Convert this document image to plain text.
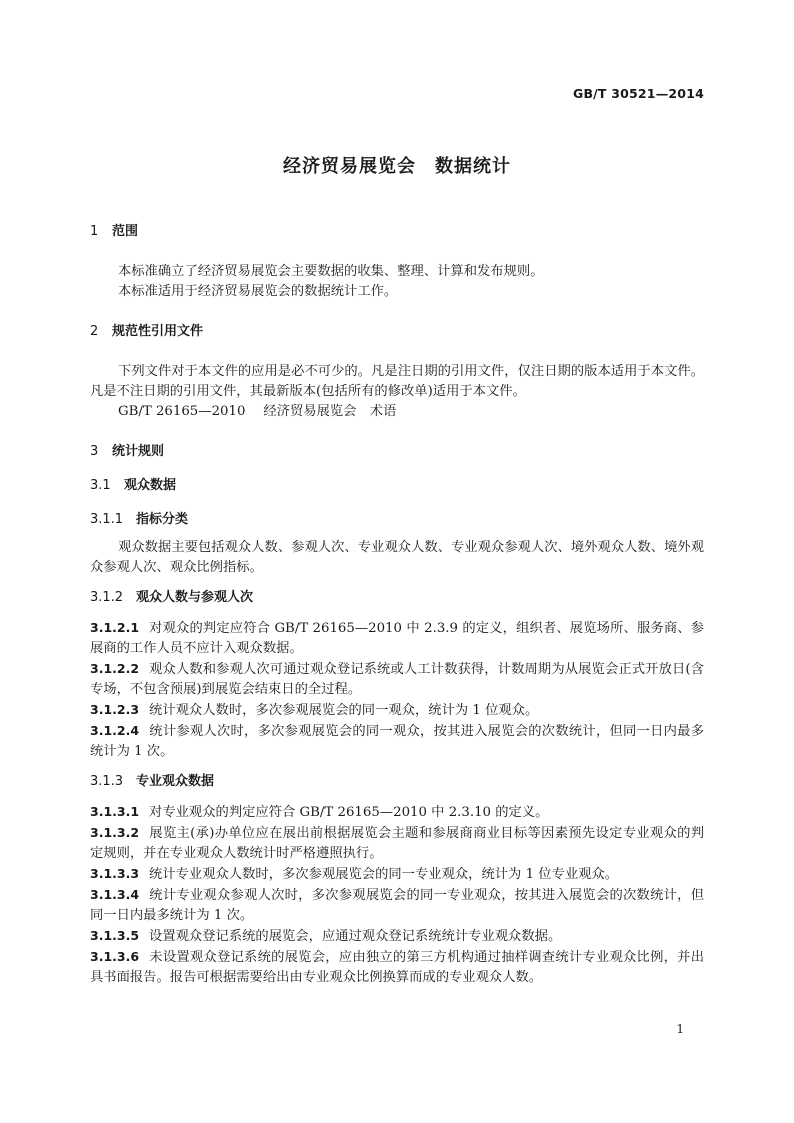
GB/T 30521—2014
经济贸易展览会　数据统计
1 范围

本标准确立了经济贸易展览会主要数据的收集、整理、计算和发布规则。

本标准适用于经济贸易展览会的数据统计工作。

2 规范性引用文件

下列文件对于本文件的应用是必不可少的。凡是注日期的引用文件，仅注日期的版本适用于本文件。凡是不注日期的引用文件，其最新版本(包括所有的修改单)适用于本文件。

GB/T 26165—2010 经济贸易展览会　术语

3 统计规则
3.1 观众数据
3.1.1 指标分类

观众数据主要包括观众人数、参观人次、专业观众人数、专业观众参观人次、境外观众人数、境外观众参观人次、观众比例指标。

3.1.2 观众人数与参观人次

3.1.2.1 对观众的判定应符合 GB/T 26165—2010 中 2.3.9 的定义，组织者、展览场所、服务商、参展商的工作人员不应计入观众数据。

3.1.2.2 观众人数和参观人次可通过观众登记系统或人工计数获得，计数周期为从展览会正式开放日(含专场，不包含预展)到展览会结束日的全过程。

3.1.2.3 统计观众人数时，多次参观展览会的同一观众，统计为 1 位观众。

3.1.2.4 统计参观人次时，多次参观展览会的同一观众，按其进入展览会的次数统计，但同一日内最多统计为 1 次。

3.1.3 专业观众数据

3.1.3.1 对专业观众的判定应符合 GB/T 26165—2010 中 2.3.10 的定义。

3.1.3.2 展览主(承)办单位应在展出前根据展览会主题和参展商商业目标等因素预先设定专业观众的判定规则，并在专业观众人数统计时严格遵照执行。

3.1.3.3 统计专业观众人数时，多次参观展览会的同一专业观众，统计为 1 位专业观众。

3.1.3.4 统计专业观众参观人次时，多次参观展览会的同一专业观众，按其进入展览会的次数统计，但同一日内最多统计为 1 次。

3.1.3.5 设置观众登记系统的展览会，应通过观众登记系统统计专业观众数据。

3.1.3.6 未设置观众登记系统的展览会，应由独立的第三方机构通过抽样调查统计专业观众比例，并出具书面报告。报告可根据需要给出由专业观众比例换算而成的专业观众人数。

1
